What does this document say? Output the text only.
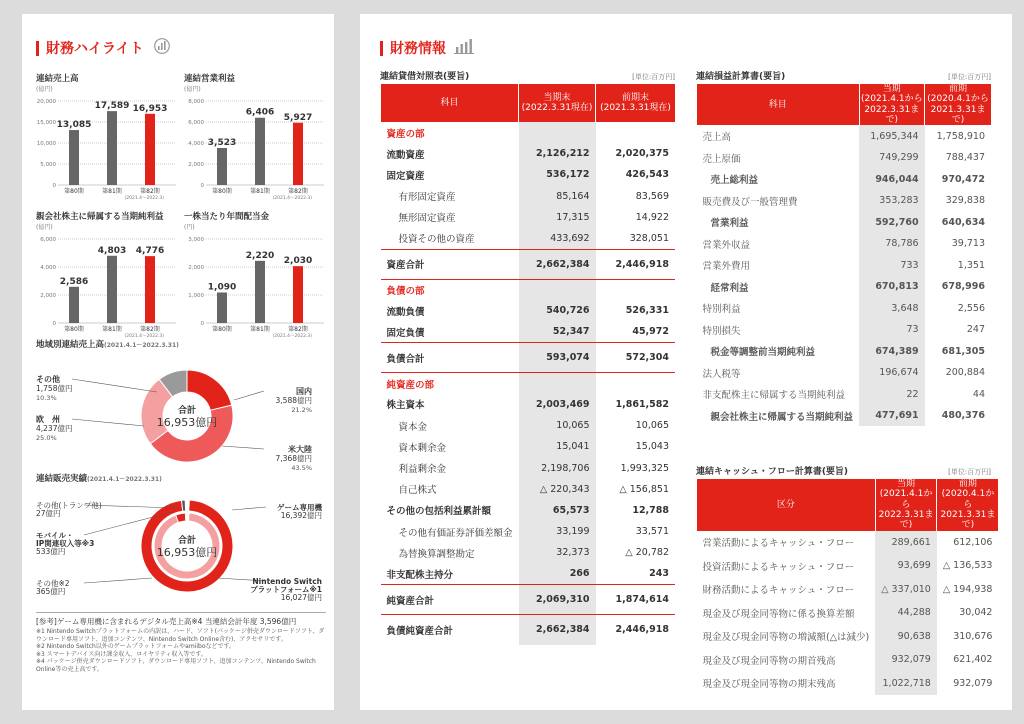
財務ハイライト
連結売上高
(億円)
20,000
15,000
10,000
5,000
0
13,085
第80期
17,589
第81期
16,953
第82期
(2021.4〜2022.3)
連結営業利益
(億円)
8,000
6,000
4,000
2,000
0
3,523
第80期
6,406
第81期
5,927
第82期
(2021.4〜2022.3)
親会社株主に帰属する当期純利益
(億円)
6,000
4,000
2,000
0
2,586
第80期
4,803
第81期
4,776
第82期
(2021.4〜2022.3)
一株当たり年間配当金
(円)
3,000
2,000
1,000
0
1,090
第80期
2,220
第81期
2,030
第82期
(2021.4〜2022.3)
地域別連結売上高(2021.4.1〜2022.3.31)
合計
16,953億円
国内
3,588億円
21.2%
米大陸
7,368億円
43.5%
欧　州
4,237億円
25.0%
その他
1,758億円
10.3%
連結販売実績(2021.4.1〜2022.3.31)
合計
16,953億円
ゲーム専用機
16,392億円
Nintendo Switch
プラットフォーム※1
16,027億円
その他※2
365億円
モバイル・
IP関連収入等※3
533億円
その他(トランプ他)
27億円
[参考]ゲーム専用機に含まれるデジタル売上高※4 当連結会計年度 3,596億円
※1 Nintendo Switchプラットフォームの内訳は、ハード、ソフト(パッケージ併売ダウンロードソフト、ダウンロード専用ソフト、追加コンテンツ、Nintendo Switch Online含む)、アクセサリです。
※2 Nintendo Switch以外のゲームプラットフォームやamiiboなどです。
※3 スマートデバイス向け課金収入、ロイヤリティ収入等です。
※4 パッケージ併売ダウンロードソフト、ダウンロード専用ソフト、追加コンテンツ、Nintendo Switch Online等の売上高です。
財務情報
連結貸借対照表(要旨)	[単位:百万円]
科目	当期末
(2022.3.31現在)	前期末
(2021.3.31現在)
資産の部		
流動資産	2,126,212	2,020,375
固定資産	536,172	426,543
有形固定資産	85,164	83,569
無形固定資産	17,315	14,922
投資その他の資産	433,692	328,051
資産合計	2,662,384	2,446,918
負債の部		
流動負債	540,726	526,331
固定負債	52,347	45,972
負債合計	593,074	572,304
純資産の部		
株主資本	2,003,469	1,861,582
資本金	10,065	10,065
資本剰余金	15,041	15,043
利益剰余金	2,198,706	1,993,325
自己株式	△ 220,343	△ 156,851
その他の包括利益累計額	65,573	12,788
その他有価証券評価差額金	33,199	33,571
為替換算調整勘定	32,373	△ 20,782
非支配株主持分	266	243
純資産合計	2,069,310	1,874,614
負債純資産合計	2,662,384	2,446,918
連結損益計算書(要旨)	[単位:百万円]
科目	当期
(2021.4.1から
2022.3.31まで)	前期
(2020.4.1から
2021.3.31まで)
売上高	1,695,344	1,758,910
売上原価	749,299	788,437
売上総利益	946,044	970,472
販売費及び一般管理費	353,283	329,838
営業利益	592,760	640,634
営業外収益	78,786	39,713
営業外費用	733	1,351
経常利益	670,813	678,996
特別利益	3,648	2,556
特別損失	73	247
税金等調整前当期純利益	674,389	681,305
法人税等	196,674	200,884
非支配株主に帰属する当期純利益	22	44
親会社株主に帰属する当期純利益	477,691	480,376
連結キャッシュ・フロー計算書(要旨)	[単位:百万円]
区分	当期
(2021.4.1から
2022.3.31まで)	前期
(2020.4.1から
2021.3.31まで)
営業活動によるキャッシュ・フロー	289,661	612,106
投資活動によるキャッシュ・フロー	93,699	△ 136,533
財務活動によるキャッシュ・フロー	△ 337,010	△ 194,938
現金及び現金同等物に係る換算差額	44,288	30,042
現金及び現金同等物の増減額(△は減少)	90,638	310,676
現金及び現金同等物の期首残高	932,079	621,402
現金及び現金同等物の期末残高	1,022,718	932,079
